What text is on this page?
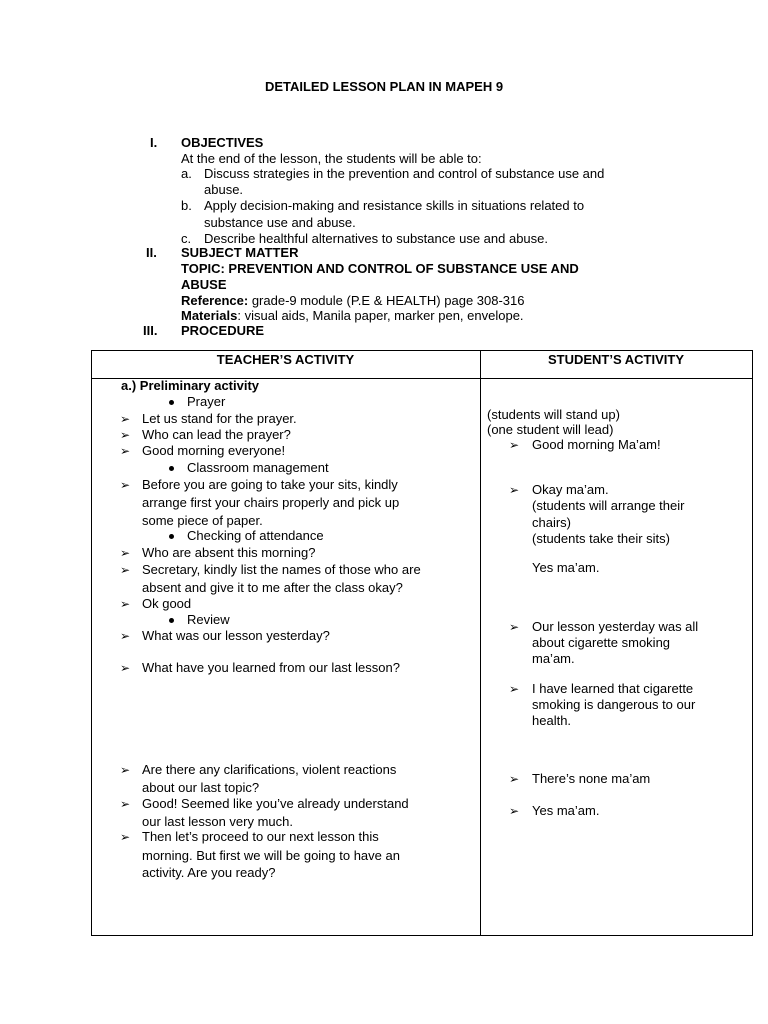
DETAILED LESSON PLAN IN MAPEH 9
I. OBJECTIVES
At the end of the lesson, the students will be able to:
a. Discuss strategies in the prevention and control of substance use and
abuse.
b. Apply decision-making and resistance skills in situations related to
substance use and abuse.
c. Describe healthful alternatives to substance use and abuse.
II. SUBJECT MATTER
TOPIC: PREVENTION AND CONTROL OF SUBSTANCE USE AND
ABUSE
Reference: grade-9 module (P.E & HEALTH) page 308-316
Materials: visual aids, Manila paper, marker pen, envelope.
III. PROCEDURE
TEACHER’S ACTIVITY	STUDENT’S ACTIVITY
a.) Preliminary activity
Prayer
➢ Let us stand for the prayer.
➢ Who can lead the prayer?
➢ Good morning everyone!
Classroom management
➢ Before you are going to take your sits, kindly
arrange first your chairs properly and pick up
some piece of paper.
Checking of attendance
➢ Who are absent this morning?
➢ Secretary, kindly list the names of those who are
absent and give it to me after the class okay?
➢ Ok good
Review
➢ What was our lesson yesterday?
➢ What have you learned from our last lesson?
➢ Are there any clarifications, violent reactions
about our last topic?
➢ Good! Seemed like you’ve already understand
our last lesson very much.
➢ Then let’s proceed to our next lesson this
morning. But first we will be going to have an
activity. Are you ready?
(students will stand up)
(one student will lead)
➢ Good morning Ma’am!
➢ Okay ma’am.
(students will arrange their
chairs)
(students take their sits)
Yes ma’am.
➢ Our lesson yesterday was all
about cigarette smoking
ma’am.
➢ I have learned that cigarette
smoking is dangerous to our
health.
➢ There’s none ma’am
➢ Yes ma’am.
